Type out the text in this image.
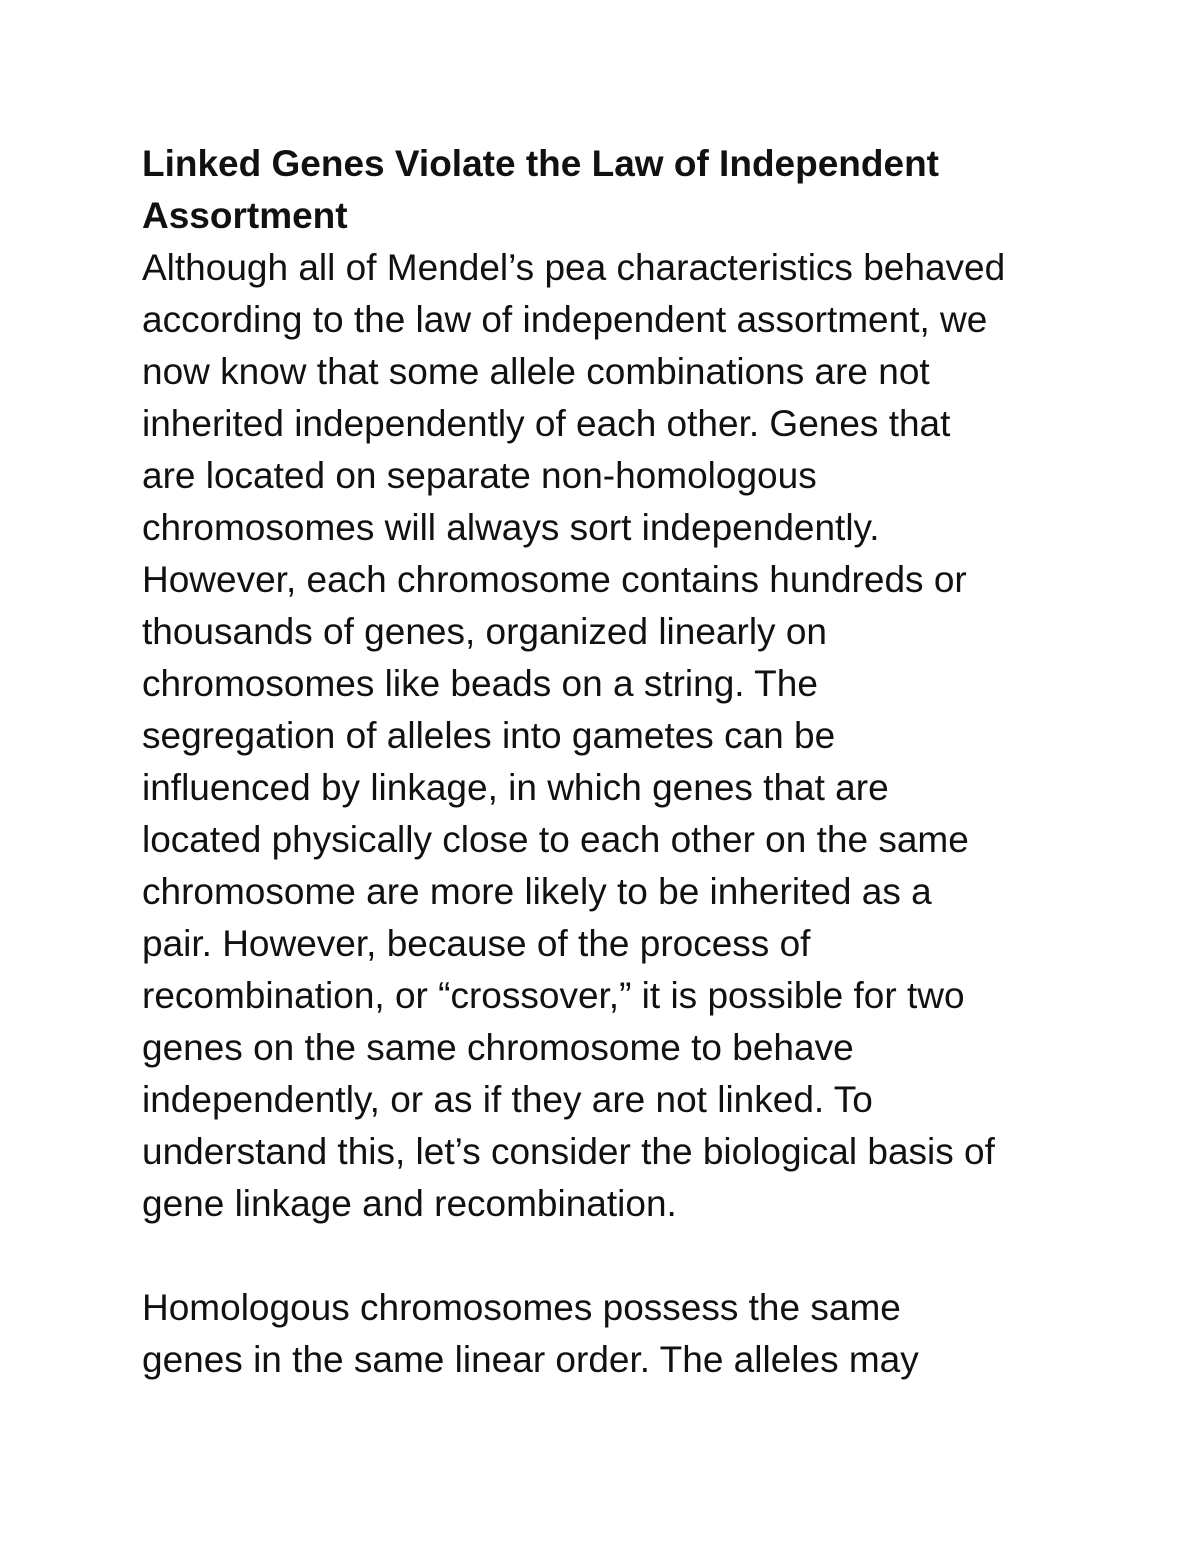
Linked Genes Violate the Law of Independent
Assortment
Although all of Mendel’s pea characteristics behaved
according to the law of independent assortment, we
now know that some allele combinations are not
inherited independently of each other. Genes that
are located on separate non-homologous
chromosomes will always sort independently.
However, each chromosome contains hundreds or
thousands of genes, organized linearly on
chromosomes like beads on a string. The
segregation of alleles into gametes can be
influenced by linkage, in which genes that are
located physically close to each other on the same
chromosome are more likely to be inherited as a
pair. However, because of the process of
recombination, or “crossover,” it is possible for two
genes on the same chromosome to behave
independently, or as if they are not linked. To
understand this, let’s consider the biological basis of
gene linkage and recombination.
Homologous chromosomes possess the same
genes in the same linear order. The alleles may
